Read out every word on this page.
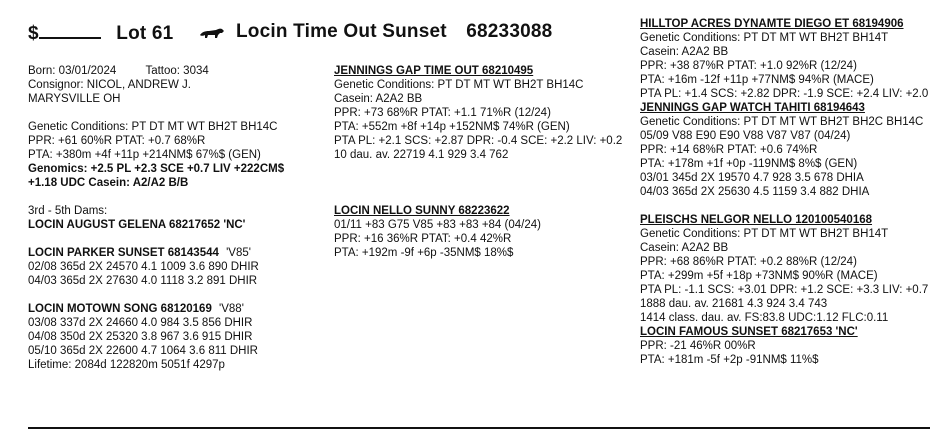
$	Lot 61	Locin Time Out Sunset 68233088
Born: 03/01/2024	Tattoo: 3034
Consignor: NICOL, ANDREW J.
MARYSVILLE OH
Genetic Conditions: PT DT MT WT BH2T BH14C
PPR: +61 60%R PTAT: +0.7 68%R
PTA: +380m +4f +11p +214NM$ 67%$ (GEN)
Genomics: +2.5 PL +2.3 SCE +0.7 LIV +222CM$
+1.18 UDC Casein: A2/A2 B/B
3rd - 5th Dams:
LOCIN AUGUST GELENA 68217652 'NC'
LOCIN PARKER SUNSET 68143544 'V85'
02/08 365d 2X 24570 4.1 1009 3.6 890 DHIR
04/03 365d 2X 27630 4.0 1118 3.2 891 DHIR
LOCIN MOTOWN SONG 68120169 'V88'
03/08 337d 2X 24660 4.0 984 3.5 856 DHIR
04/08 350d 2X 25320 3.8 967 3.6 915 DHIR
05/10 365d 2X 22600 4.7 1064 3.6 811 DHIR
Lifetime: 2084d 122820m 5051f 4297p
JENNINGS GAP TIME OUT 68210495
Genetic Conditions: PT DT MT WT BH2T BH14C
Casein: A2A2 BB
PPR: +73 68%R PTAT: +1.1 71%R (12/24)
PTA: +552m +8f +14p +152NM$ 74%R (GEN)
PTA PL: +2.1 SCS: +2.87 DPR: -0.4 SCE: +2.2 LIV: +0.2
10 dau. av. 22719 4.1 929 3.4 762
LOCIN NELLO SUNNY 68223622
01/11 +83 G75 V85 +83 +83 +84 (04/24)
PPR: +16 36%R PTAT: +0.4 42%R
PTA: +192m -9f +6p -35NM$ 18%$
HILLTOP ACRES DYNAMTE DIEGO ET 68194906
Genetic Conditions: PT DT MT WT BH2T BH14T
Casein: A2A2 BB
PPR: +38 87%R PTAT: +1.0 92%R (12/24)
PTA: +16m -12f +11p +77NM$ 94%R (MACE)
PTA PL: +1.4 SCS: +2.82 DPR: -1.9 SCE: +2.4 LIV: +2.0
JENNINGS GAP WATCH TAHITI 68194643
Genetic Conditions: PT DT MT WT BH2T BH2C BH14C
05/09 V88 E90 E90 V88 V87 V87 (04/24)
PPR: +14 68%R PTAT: +0.6 74%R
PTA: +178m +1f +0p -119NM$ 8%$ (GEN)
03/01 345d 2X 19570 4.7 928 3.5 678 DHIA
04/03 365d 2X 25630 4.5 1159 3.4 882 DHIA
PLEISCHS NELGOR NELLO 120100540168
Genetic Conditions: PT DT MT WT BH2T BH14T
Casein: A2A2 BB
PPR: +68 86%R PTAT: +0.2 88%R (12/24)
PTA: +299m +5f +18p +73NM$ 90%R (MACE)
PTA PL: -1.1 SCS: +3.01 DPR: +1.2 SCE: +3.3 LIV: +0.7
1888 dau. av. 21681 4.3 924 3.4 743
1414 class. dau. av. FS:83.8 UDC:1.12 FLC:0.11
LOCIN FAMOUS SUNSET 68217653 'NC'
PPR: -21 46%R 00%R
PTA: +181m -5f +2p -91NM$ 11%$
